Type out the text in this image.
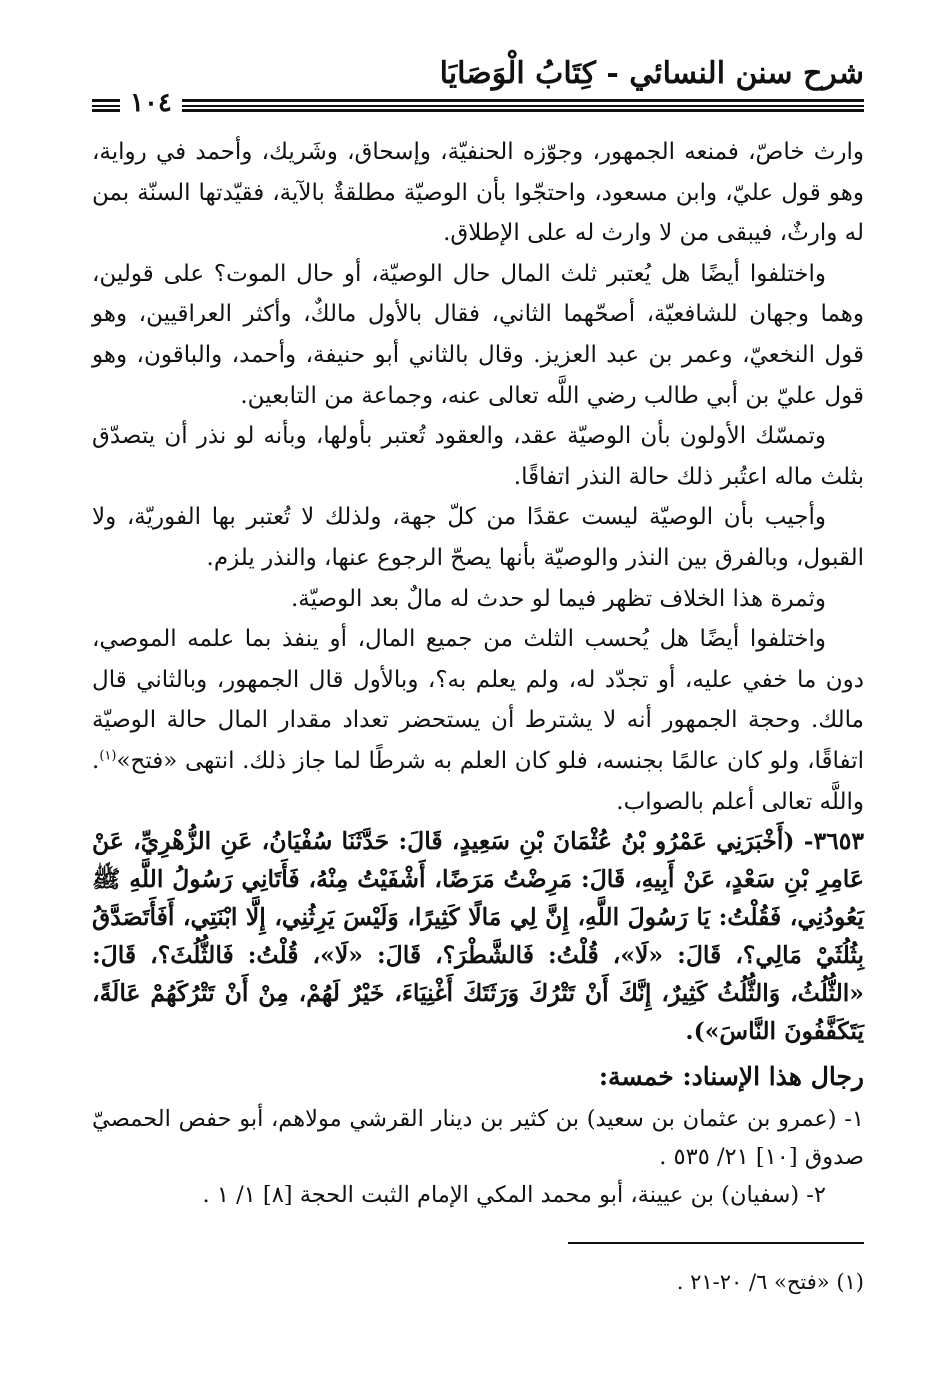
شرح سنن النسائي - كِتَابُ الْوَصَايَا
١٠٤

وارث خاصّ، فمنعه الجمهور، وجوّزه الحنفيّة، وإسحاق، وشَريك، وأحمد في رواية، وهو قول عليّ، وابن مسعود، واحتجّوا بأن الوصيّة مطلقةٌ بالآية، فقيّدتها السنّة بمن له وارثٌ، فيبقى من لا وارث له على الإطلاق.

واختلفوا أيضًا هل يُعتبر ثلث المال حال الوصيّة، أو حال الموت؟ على قولين، وهما وجهان للشافعيّة، أصحّهما الثاني، فقال بالأول مالكٌ، وأكثر العراقيين، وهو قول النخعيّ، وعمر بن عبد العزيز. وقال بالثاني أبو حنيفة، وأحمد، والباقون، وهو قول عليّ بن أبي طالب رضي اللَّه تعالى عنه، وجماعة من التابعين.

وتمسّك الأولون بأن الوصيّة عقد، والعقود تُعتبر بأولها، وبأنه لو نذر أن يتصدّق بثلث ماله اعتُبر ذلك حالة النذر اتفاقًا.

وأجيب بأن الوصيّة ليست عقدًا من كلّ جهة، ولذلك لا تُعتبر بها الفوريّة، ولا القبول، وبالفرق بين النذر والوصيّة بأنها يصحّ الرجوع عنها، والنذر يلزم.

وثمرة هذا الخلاف تظهر فيما لو حدث له مالٌ بعد الوصيّة.

واختلفوا أيضًا هل يُحسب الثلث من جميع المال، أو ينفذ بما علمه الموصي، دون ما خفي عليه، أو تجدّد له، ولم يعلم به؟، وبالأول قال الجمهور، وبالثاني قال مالك. وحجة الجمهور أنه لا يشترط أن يستحضر تعداد مقدار المال حالة الوصيّة اتفاقًا، ولو كان عالمًا بجنسه، فلو كان العلم به شرطًا لما جاز ذلك. انتهى «فتح»$^{(١)}$. واللَّه تعالى أعلم بالصواب.

٣٦٥٣- (أَخْبَرَنِي عَمْرُو بْنُ عُثْمَانَ بْنِ سَعِيدٍ، قَالَ: حَدَّثَنَا سُفْيَانُ، عَنِ الزُّهْرِيِّ، عَنْ عَامِرِ بْنِ سَعْدٍ، عَنْ أَبِيهِ، قَالَ: مَرِضْتُ مَرَضًا، أَشْفَيْتُ مِنْهُ، فَأَتَانِي رَسُولُ اللَّهِ ﷺ يَعُودُنِي، فَقُلْتُ: يَا رَسُولَ اللَّهِ، إِنَّ لِي مَالًا كَثِيرًا، وَلَيْسَ يَرِثُنِي، إِلَّا ابْنَتِي، أَفَأَتَصَدَّقُ بِثُلُثَيْ مَالِي؟، قَالَ: «لَا»، قُلْتُ: فَالشَّطْرَ؟، قَالَ: «لَا»، قُلْتُ: فَالثُّلُثَ؟، قَالَ: «الثُّلُثُ، وَالثُّلُثُ كَثِيرٌ، إِنَّكَ أَنْ تَتْرُكَ وَرَثَتَكَ أَغْنِيَاءَ، خَيْرٌ لَهُمْ، مِنْ أَنْ تَتْرُكَهُمْ عَالَةً، يَتَكَفَّفُونَ النَّاسَ»).

رجال هذا الإسناد: خمسة:

١- (عمرو بن عثمان بن سعيد) بن كثير بن دينار القرشي مولاهم، أبو حفص الحمصيّ صدوق [١٠] ٢١/ ٥٣٥ .

٢- (سفيان) بن عيينة، أبو محمد المكي الإمام الثبت الحجة [٨] ١/ ١ .

(١) «فتح» ٦/ ٢٠-٢١ .
